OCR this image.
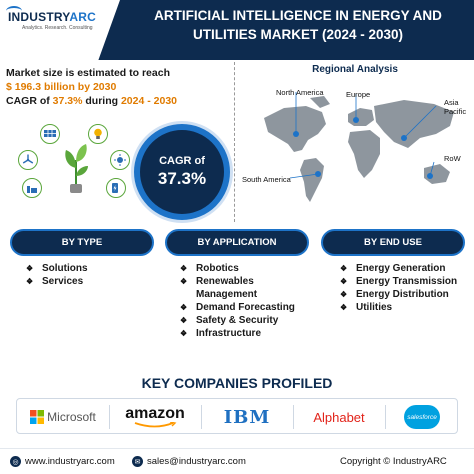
INDUSTRYARC
Analytics. Research. Consulting
ARTIFICIAL INTELLIGENCE IN ENERGY AND
UTILITIES MARKET (2024 - 2030)
Market size is estimated to reach
$ 196.3 billion by 2030
CAGR of 37.3% during 2024 - 2030
CAGR of
37.3%
Regional Analysis
North America	Europe
Asia
Pacific
RoW
South America
BY TYPE	BY APPLICATION	BY END USE
❖ Solutions
❖ Services
❖ Robotics
❖ Renewables Management
❖ Demand Forecasting
❖ Safety & Security
❖ Infrastructure
❖ Energy Generation
❖ Energy Transmission
❖ Energy Distribution
❖ Utilities
KEY COMPANIES PROFILED
Microsoft amazon IBM	Alphabet	salesforce
◎ www.industryarc.com	✉ sales@industryarc.com	Copyright © IndustryARC
